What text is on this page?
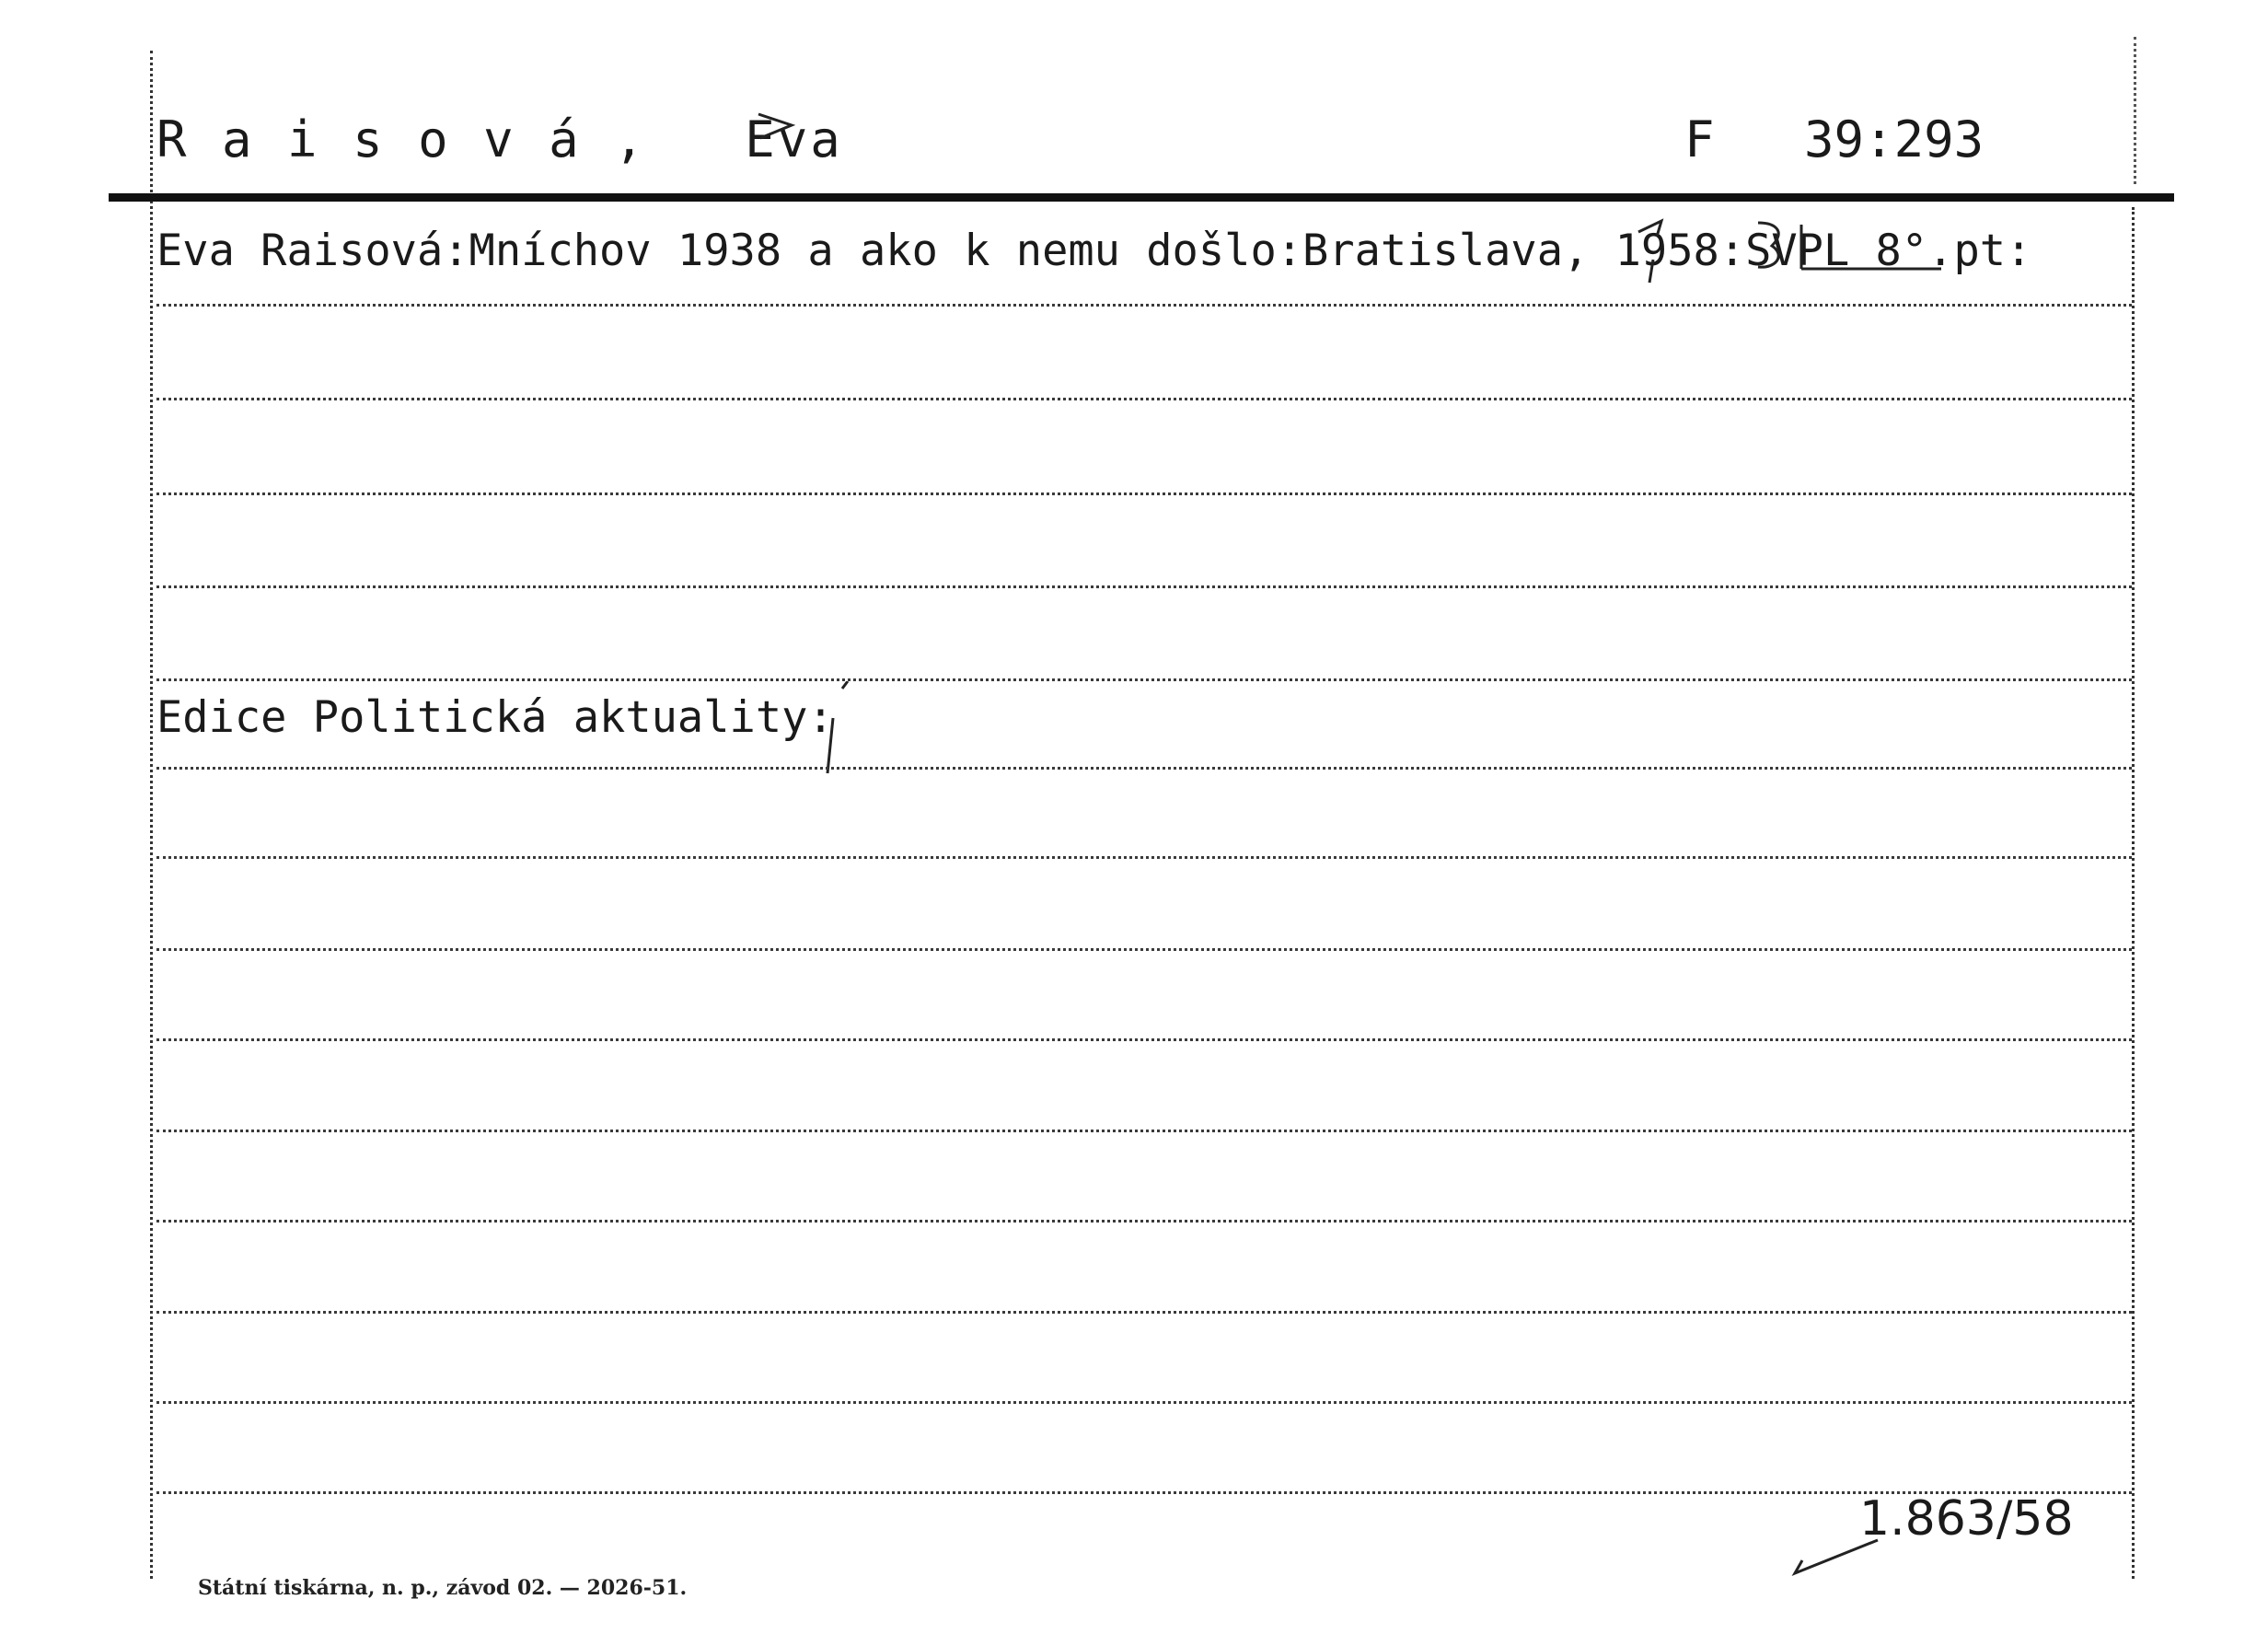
R a i s o v á ,   Eva	F   39:293
Eva Raisová:Mníchov 1938 a ako k nemu došlo:Bratislava, 1958:SVPL 8°.pt:
Edice Politická aktuality:
1.863/58
Státní tiskárna, n. p., závod 02. — 2026-51.
